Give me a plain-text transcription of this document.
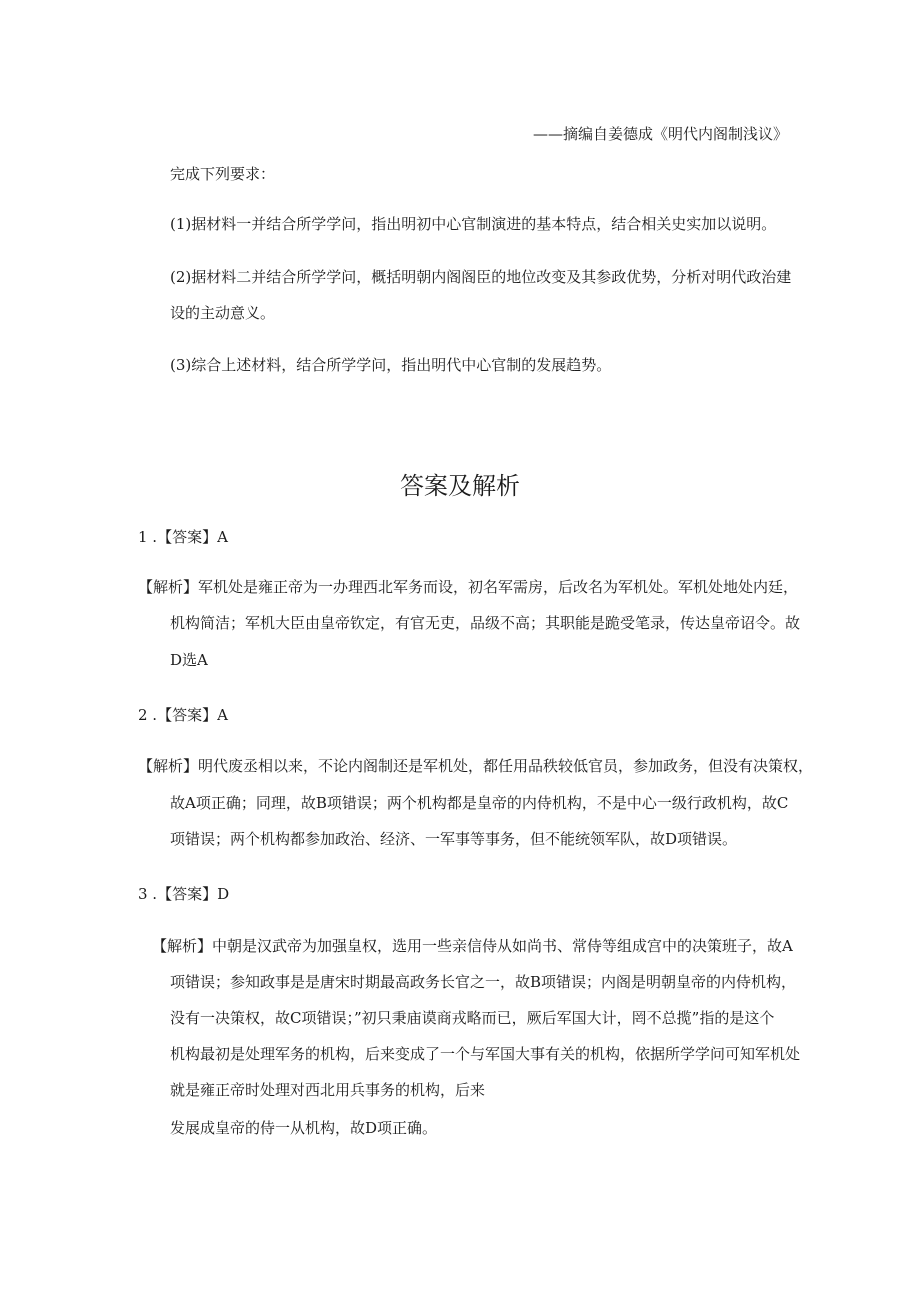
——摘编自姜德成《明代内阁制浅议》
完成下列要求：
(1)据材料一并结合所学学问，指出明初中心官制演进的基本特点，结合相关史实加以说明。
(2)据材料二并结合所学学问，概括明朝内阁阁臣的地位改变及其参政优势，分析对明代政治建
设的主动意义。
(3)综合上述材料，结合所学学问，指出明代中心官制的发展趋势。
答案及解析
1 .【答案】A
【解析】军机处是雍正帝为一办理西北军务而设，初名军需房，后改名为军机处。军机处地处内廷，
机构简洁；军机大臣由皇帝钦定，有官无吏，品级不高；其职能是跪受笔录，传达皇帝诏令。故
D选A
2 .【答案】A
【解析】明代废丞相以来，不论内阁制还是军机处，都任用品秩较低官员，参加政务，但没有决策权，
故A项正确；同理，故B项错误；两个机构都是皇帝的内侍机构，不是中心一级行政机构，故C
项错误；两个机构都参加政治、经济、一军事等事务，但不能统领军队，故D项错误。
3 .【答案】D
【解析】中朝是汉武帝为加强皇权，选用一些亲信侍从如尚书、常侍等组成宫中的决策班子，故A
项错误；参知政事是是唐宋时期最高政务长官之一，故B项错误；内阁是明朝皇帝的内侍机构，
没有一决策权，故C项错误；”初只秉庙谟商戎略而已，厥后军国大计，罔不总揽”指的是这个
机构最初是处理军务的机构，后来变成了一个与军国大事有关的机构，依据所学学问可知军机处
就是雍正帝时处理对西北用兵事务的机构，后来
发展成皇帝的侍一从机构，故D项正确。
